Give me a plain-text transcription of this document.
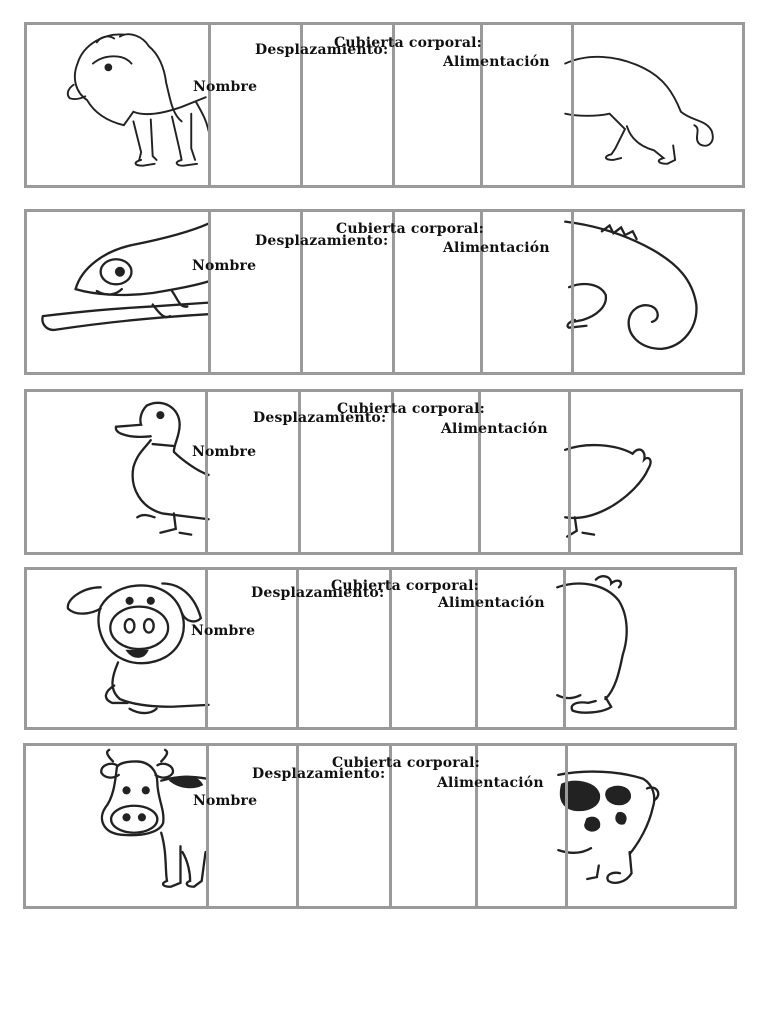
Cubierta corporal:
Desplazamiento:
Alimentación
Nombre
Cubierta corporal:
Desplazamiento:	Alimentación
Nombre
Cubierta corporal:
Desplazamiento:
Alimentación
Nombre
Cubierta corporal:
Desplazamiento:
Alimentación
Nombre
Cubierta corporal:
Desplazamiento:
Alimentación
Nombre
